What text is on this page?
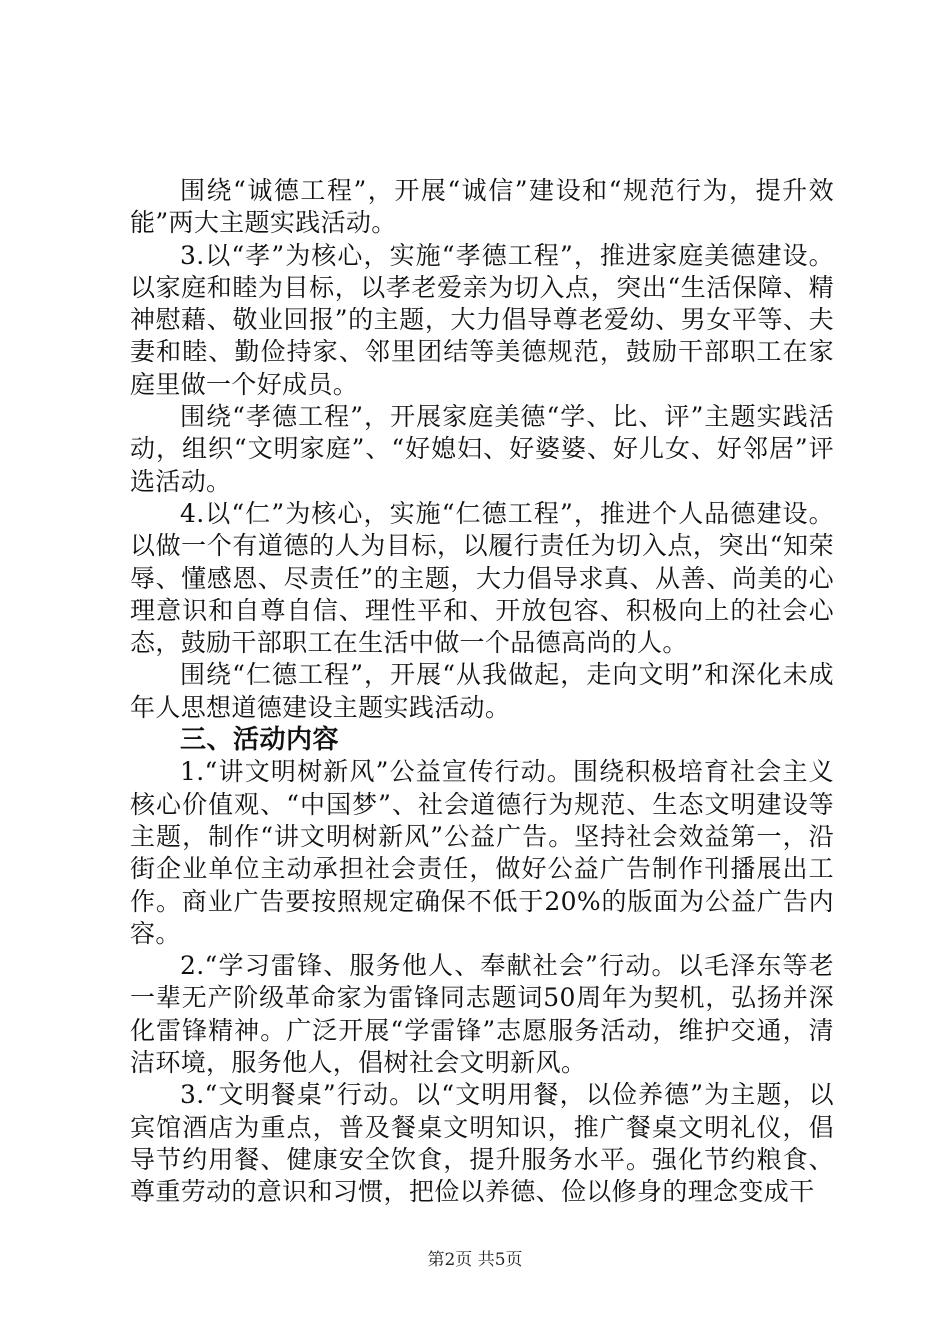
围绕“诚德工程”，开展“诚信”建设和“规范行为，提升效能”两大主题实践活动。

3.以“孝”为核心，实施“孝德工程”，推进家庭美德建设。以家庭和睦为目标，以孝老爱亲为切入点，突出“生活保障、精神慰藉、敬业回报”的主题，大力倡导尊老爱幼、男女平等、夫妻和睦、勤俭持家、邻里团结等美德规范，鼓励干部职工在家庭里做一个好成员。

围绕“孝德工程”，开展家庭美德“学、比、评”主题实践活动，组织“文明家庭”、“好媳妇、好婆婆、好儿女、好邻居”评选活动。

4.以“仁”为核心，实施“仁德工程”，推进个人品德建设。以做一个有道德的人为目标，以履行责任为切入点，突出“知荣辱、懂感恩、尽责任”的主题，大力倡导求真、从善、尚美的心理意识和自尊自信、理性平和、开放包容、积极向上的社会心态，鼓励干部职工在生活中做一个品德高尚的人。

围绕“仁德工程”，开展“从我做起，走向文明”和深化未成年人思想道德建设主题实践活动。

三、活动内容

1.“讲文明树新风”公益宣传行动。围绕积极培育社会主义核心价值观、“中国梦”、社会道德行为规范、生态文明建设等主题，制作“讲文明树新风”公益广告。坚持社会效益第一，沿街企业单位主动承担社会责任，做好公益广告制作刊播展出工作。商业广告要按照规定确保不低于20%的版面为公益广告内容。

2.“学习雷锋、服务他人、奉献社会”行动。以毛泽东等老一辈无产阶级革命家为雷锋同志题词50周年为契机，弘扬并深化雷锋精神。广泛开展“学雷锋”志愿服务活动，维护交通，清洁环境，服务他人，倡树社会文明新风。

3.“文明餐桌”行动。以“文明用餐，以俭养德”为主题，以宾馆酒店为重点，普及餐桌文明知识，推广餐桌文明礼仪，倡导节约用餐、健康安全饮食，提升服务水平。强化节约粮食、尊重劳动的意识和习惯，把俭以养德、俭以修身的理念变成干

第2页 共5页
